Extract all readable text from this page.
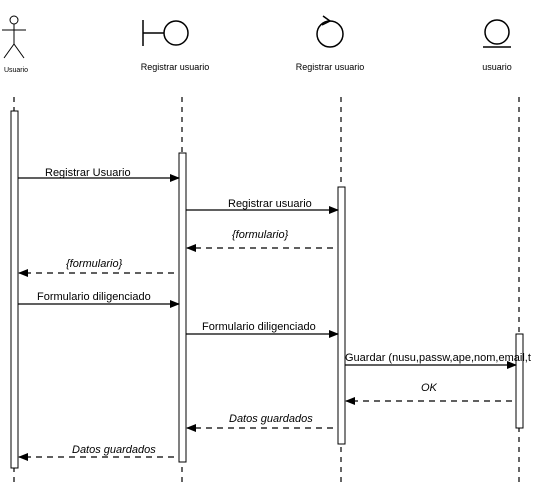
Usuario	Registrar usuario	Registrar usuario	usuario
Registrar Usuario
Registrar usuario
{formulario}
{formulario}
Formulario diligenciado
Formulario diligenciado
Guardar (nusu,passw,ape,nom,email,t
OK
Datos guardados
Datos guardados
